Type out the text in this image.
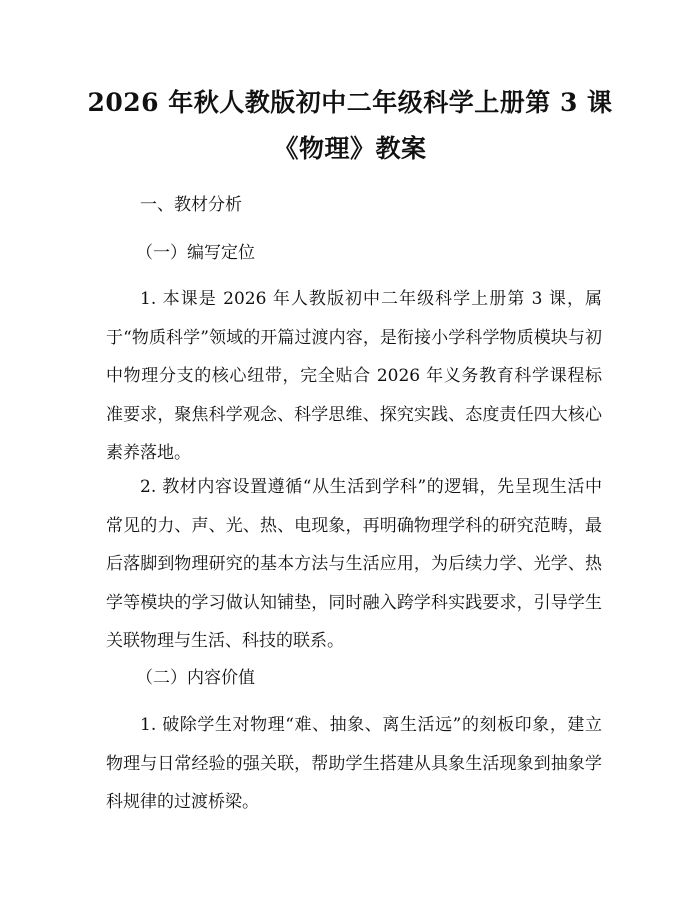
2026 年秋人教版初中二年级科学上册第 3 课
《物理》教案
一、教材分析
（一）编写定位
1. 本课是 2026 年人教版初中二年级科学上册第 3 课，属于“物质科学”领域的开篇过渡内容，是衔接小学科学物质模块与初中物理分支的核心纽带，完全贴合 2026 年义务教育科学课程标准要求，聚焦科学观念、科学思维、探究实践、态度责任四大核心素养落地。
2. 教材内容设置遵循“从生活到学科”的逻辑，先呈现生活中常见的力、声、光、热、电现象，再明确物理学科的研究范畴，最后落脚到物理研究的基本方法与生活应用，为后续力学、光学、热学等模块的学习做认知铺垫，同时融入跨学科实践要求，引导学生关联物理与生活、科技的联系。
（二）内容价值
1. 破除学生对物理“难、抽象、离生活远”的刻板印象，建立物理与日常经验的强关联，帮助学生搭建从具象生活现象到抽象学科规律的过渡桥梁。
